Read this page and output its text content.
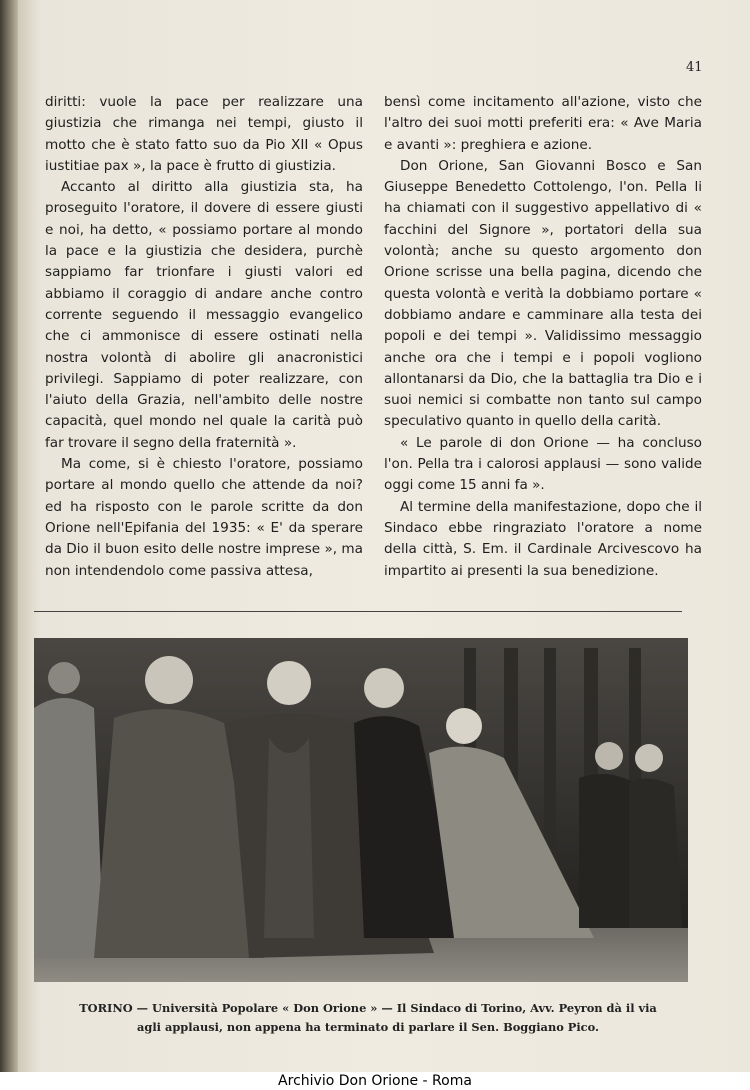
41

diritti: vuole la pace per realizzare una giustizia che rimanga nei tempi, giusto il motto che è stato fatto suo da Pio XII « Opus iustitiae pax », la pace è frutto di giustizia.

Accanto al diritto alla giustizia sta, ha proseguito l'oratore, il dovere di essere giusti e noi, ha detto, « possiamo portare al mondo la pace e la giustizia che desidera, purchè sappiamo far trionfare i giusti valori ed abbiamo il coraggio di andare anche contro corrente seguendo il messaggio evangelico che ci ammonisce di essere ostinati nella nostra volontà di abolire gli anacronistici privilegi. Sappiamo di poter realizzare, con l'aiuto della Grazia, nell'ambito delle nostre capacità, quel mondo nel quale la carità può far trovare il segno della fraternità ».

Ma come, si è chiesto l'oratore, possiamo portare al mondo quello che attende da noi? ed ha risposto con le parole scritte da don Orione nell'Epifania del 1935: « E' da sperare da Dio il buon esito delle nostre imprese », ma non intendendolo come passiva attesa,

bensì come incitamento all'azione, visto che l'altro dei suoi motti preferiti era: « Ave Maria e avanti »: preghiera e azione.

Don Orione, San Giovanni Bosco e San Giuseppe Benedetto Cottolengo, l'on. Pella li ha chiamati con il suggestivo appellativo di « facchini del Signore », portatori della sua volontà; anche su questo argomento don Orione scrisse una bella pagina, dicendo che questa volontà e verità la dobbiamo portare « dobbiamo andare e camminare alla testa dei popoli e dei tempi ». Validissimo messaggio anche ora che i tempi e i popoli vogliono allontanarsi da Dio, che la battaglia tra Dio e i suoi nemici si combatte non tanto sul campo speculativo quanto in quello della carità.

« Le parole di don Orione — ha concluso l'on. Pella tra i calorosi applausi — sono valide oggi come 15 anni fa ».

Al termine della manifestazione, dopo che il Sindaco ebbe ringraziato l'oratore a nome della città, S. Em. il Cardinale Arcivescovo ha impartito ai presenti la sua benedizione.

TORINO — Università Popolare « Don Orione » — Il Sindaco di Torino, Avv. Peyron dà il via agli applausi, non appena ha terminato di parlare il Sen. Boggiano Pico.
Archivio Don Orione - Roma
